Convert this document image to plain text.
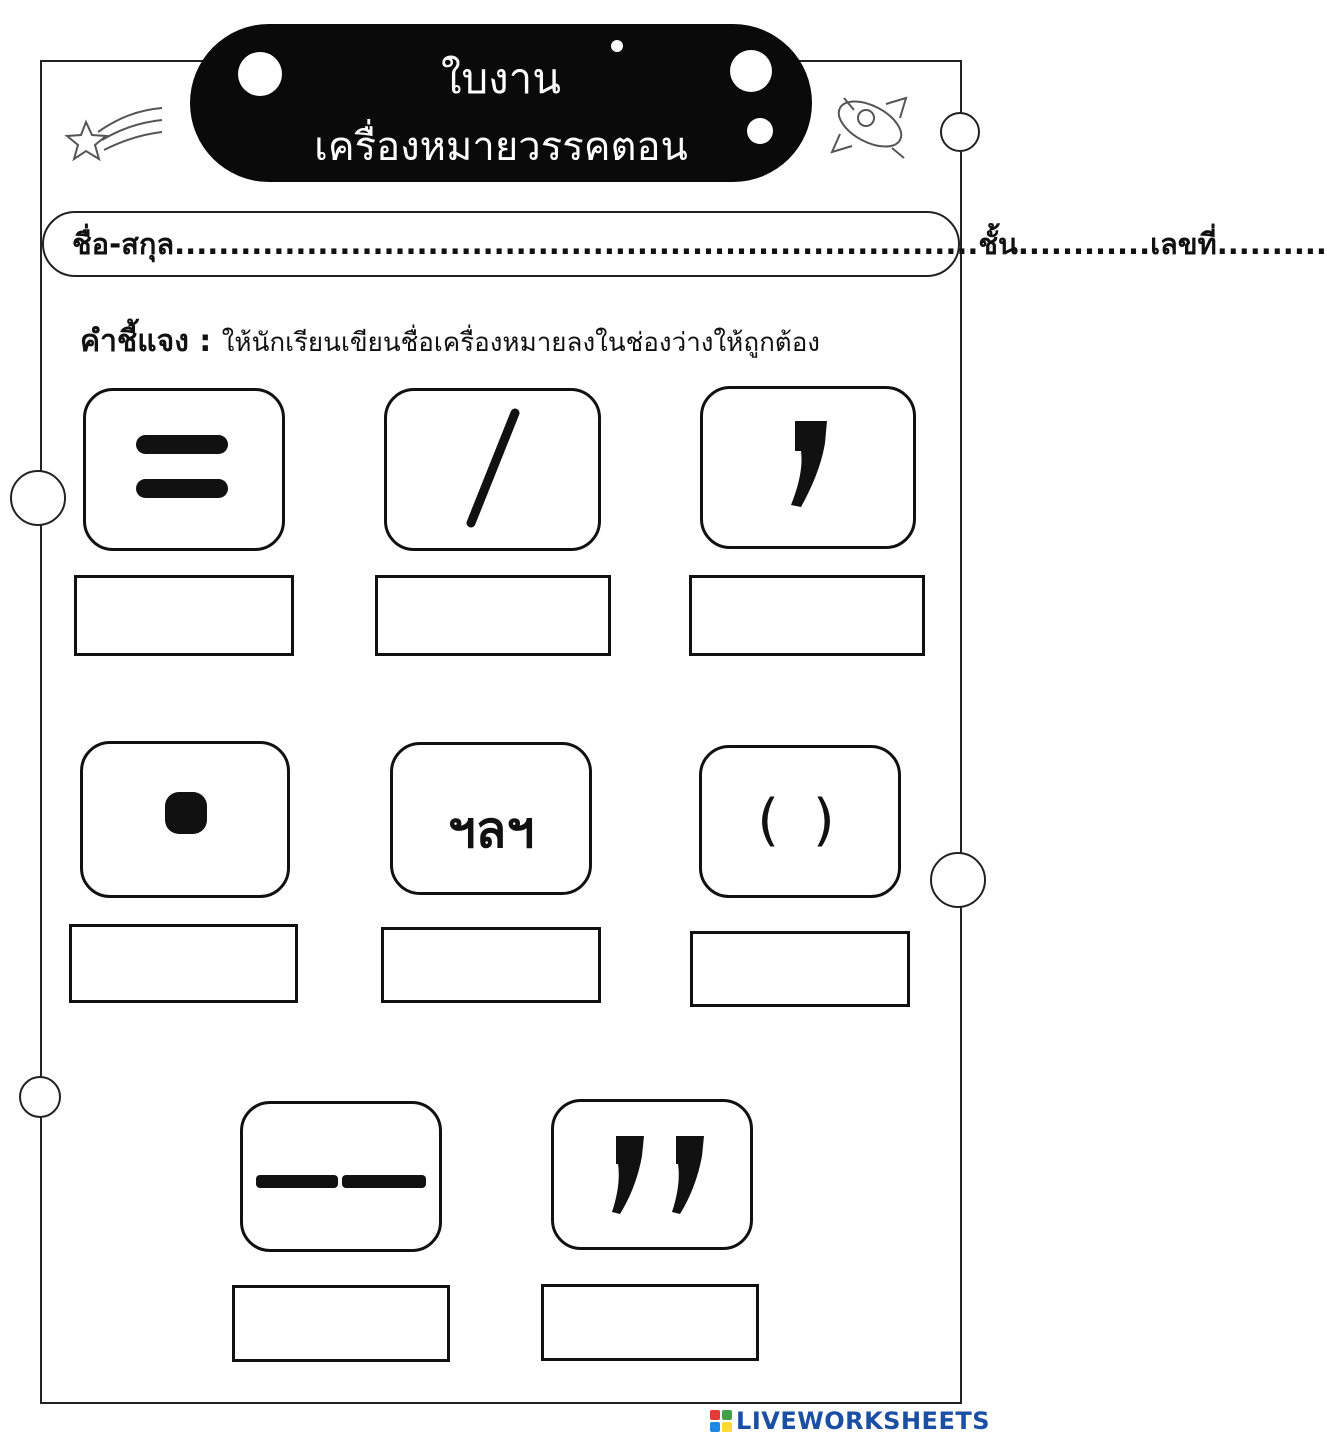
ใบงาน
เครื่องหมายวรรคตอน
ชื่อ-สกุล.........................................................................ชั้น............เลขที่..........
คำชี้แจง : ให้นักเรียนเขียนชื่อเครื่องหมายลงในช่องว่างให้ถูกต้อง
ฯลฯ	( )
LIVEWORKSHEETS
